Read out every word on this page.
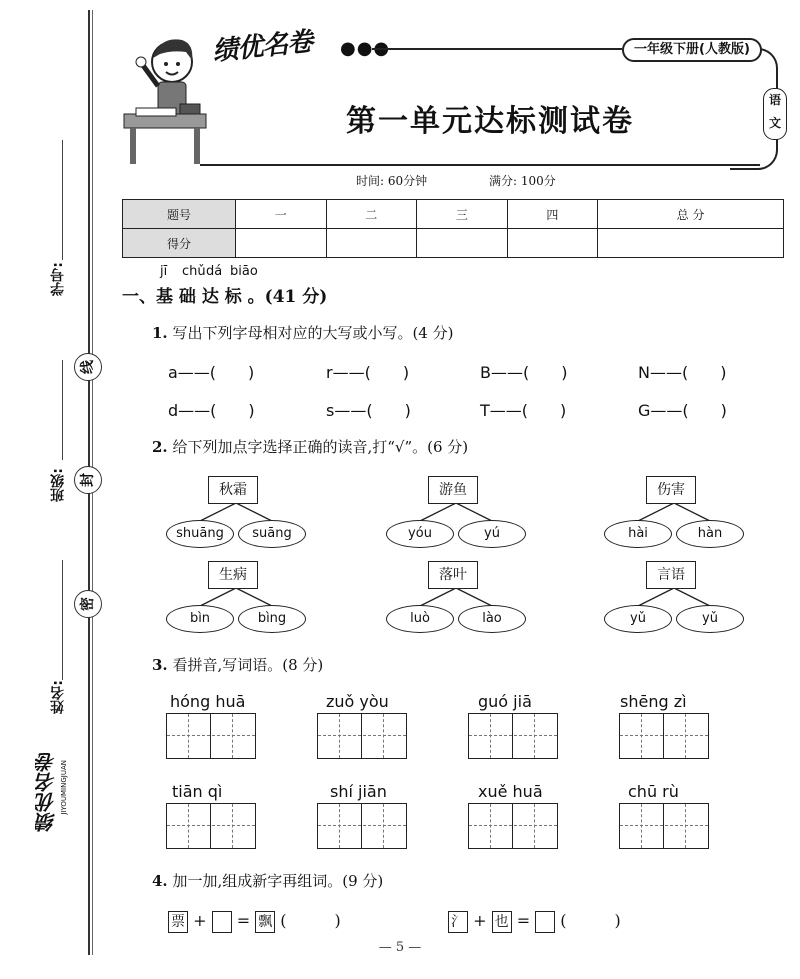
学号:
线
班级:	封
密
姓名:
绩优名卷 JIYOUMINGJUAN
绩优名卷 ●●●	一年级下册(人教版)
语
文
第一单元达标测试卷
时间: 60分钟	满分: 100分
题号	一	二	三	四	总 分
得分					
jī chǔ dá biāo
一、基 础 达 标 。(41 分)
1. 写出下列字母相对应的大写或小写。(4 分)
a——(　　)	r——(　　)	B——(　　)	N——(　　)
d——(　　)	s——(　　)	T——(　　)	G——(　　)
2. 给下列加点字选择正确的读音,打“√”。(6 分)
秋霜
shuāng	suāng
游鱼
yóu	yú
伤害
hài	hàn
生病
bìn	bìng
落叶
luò	lào
言语
yǔ	yǔ
3. 看拼音,写词语。(8 分)
hóng huā	zuǒ yòu	guó jiā	shēng zì
tiān qì	shí jiān	xuě huā	chū rù
4. 加一加,组成新字再组词。(9 分)
票 + = 飘 (　　　)	氵 + 也 = (　　　)
— 5 —
